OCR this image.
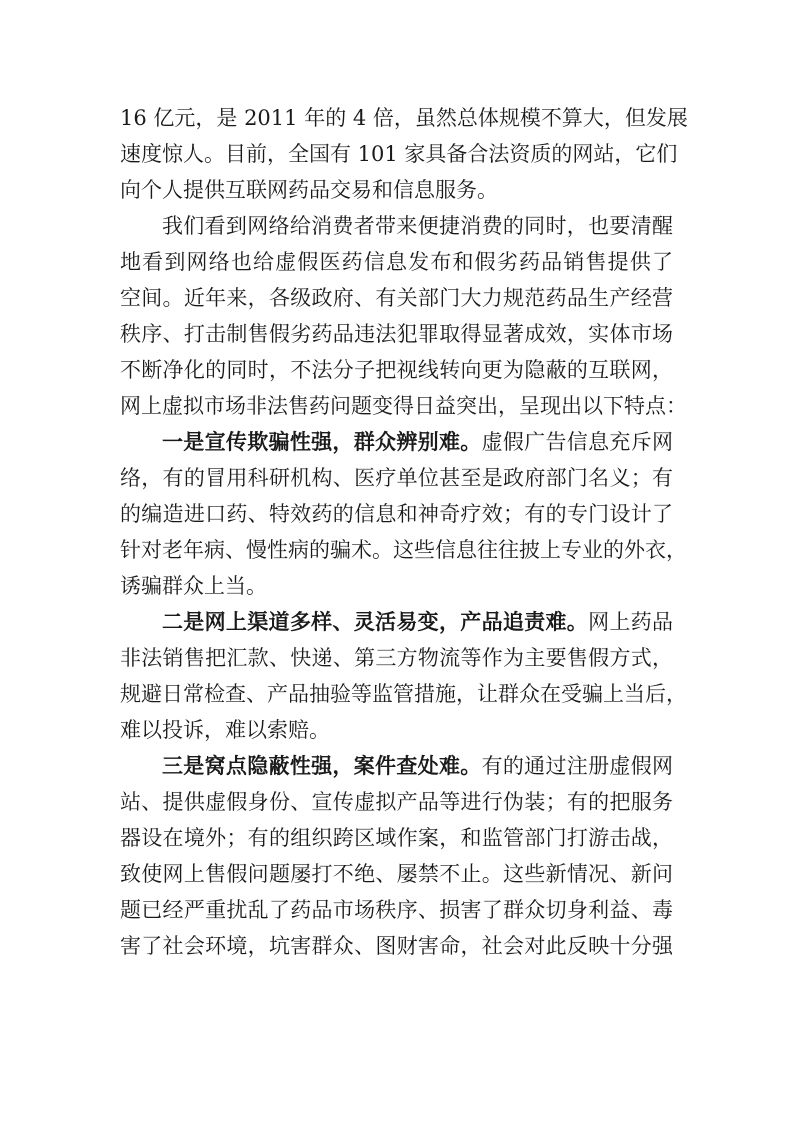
16 亿元，是 2011 年的 4 倍，虽然总体规模不算大，但发展
速度惊人。目前，全国有 101 家具备合法资质的网站，它们
向个人提供互联网药品交易和信息服务。
我们看到网络给消费者带来便捷消费的同时，也要清醒
地看到网络也给虚假医药信息发布和假劣药品销售提供了
空间。近年来，各级政府、有关部门大力规范药品生产经营
秩序、打击制售假劣药品违法犯罪取得显著成效，实体市场
不断净化的同时，不法分子把视线转向更为隐蔽的互联网，
网上虚拟市场非法售药问题变得日益突出，呈现出以下特点：
一是宣传欺骗性强，群众辨别难。虚假广告信息充斥网
络，有的冒用科研机构、医疗单位甚至是政府部门名义；有
的编造进口药、特效药的信息和神奇疗效；有的专门设计了
针对老年病、慢性病的骗术。这些信息往往披上专业的外衣，
诱骗群众上当。
二是网上渠道多样、灵活易变，产品追责难。网上药品
非法销售把汇款、快递、第三方物流等作为主要售假方式，
规避日常检查、产品抽验等监管措施，让群众在受骗上当后，
难以投诉，难以索赔。
三是窝点隐蔽性强，案件查处难。有的通过注册虚假网
站、提供虚假身份、宣传虚拟产品等进行伪装；有的把服务
器设在境外；有的组织跨区域作案，和监管部门打游击战，
致使网上售假问题屡打不绝、屡禁不止。这些新情况、新问
题已经严重扰乱了药品市场秩序、损害了群众切身利益、毒
害了社会环境，坑害群众、图财害命，社会对此反映十分强
